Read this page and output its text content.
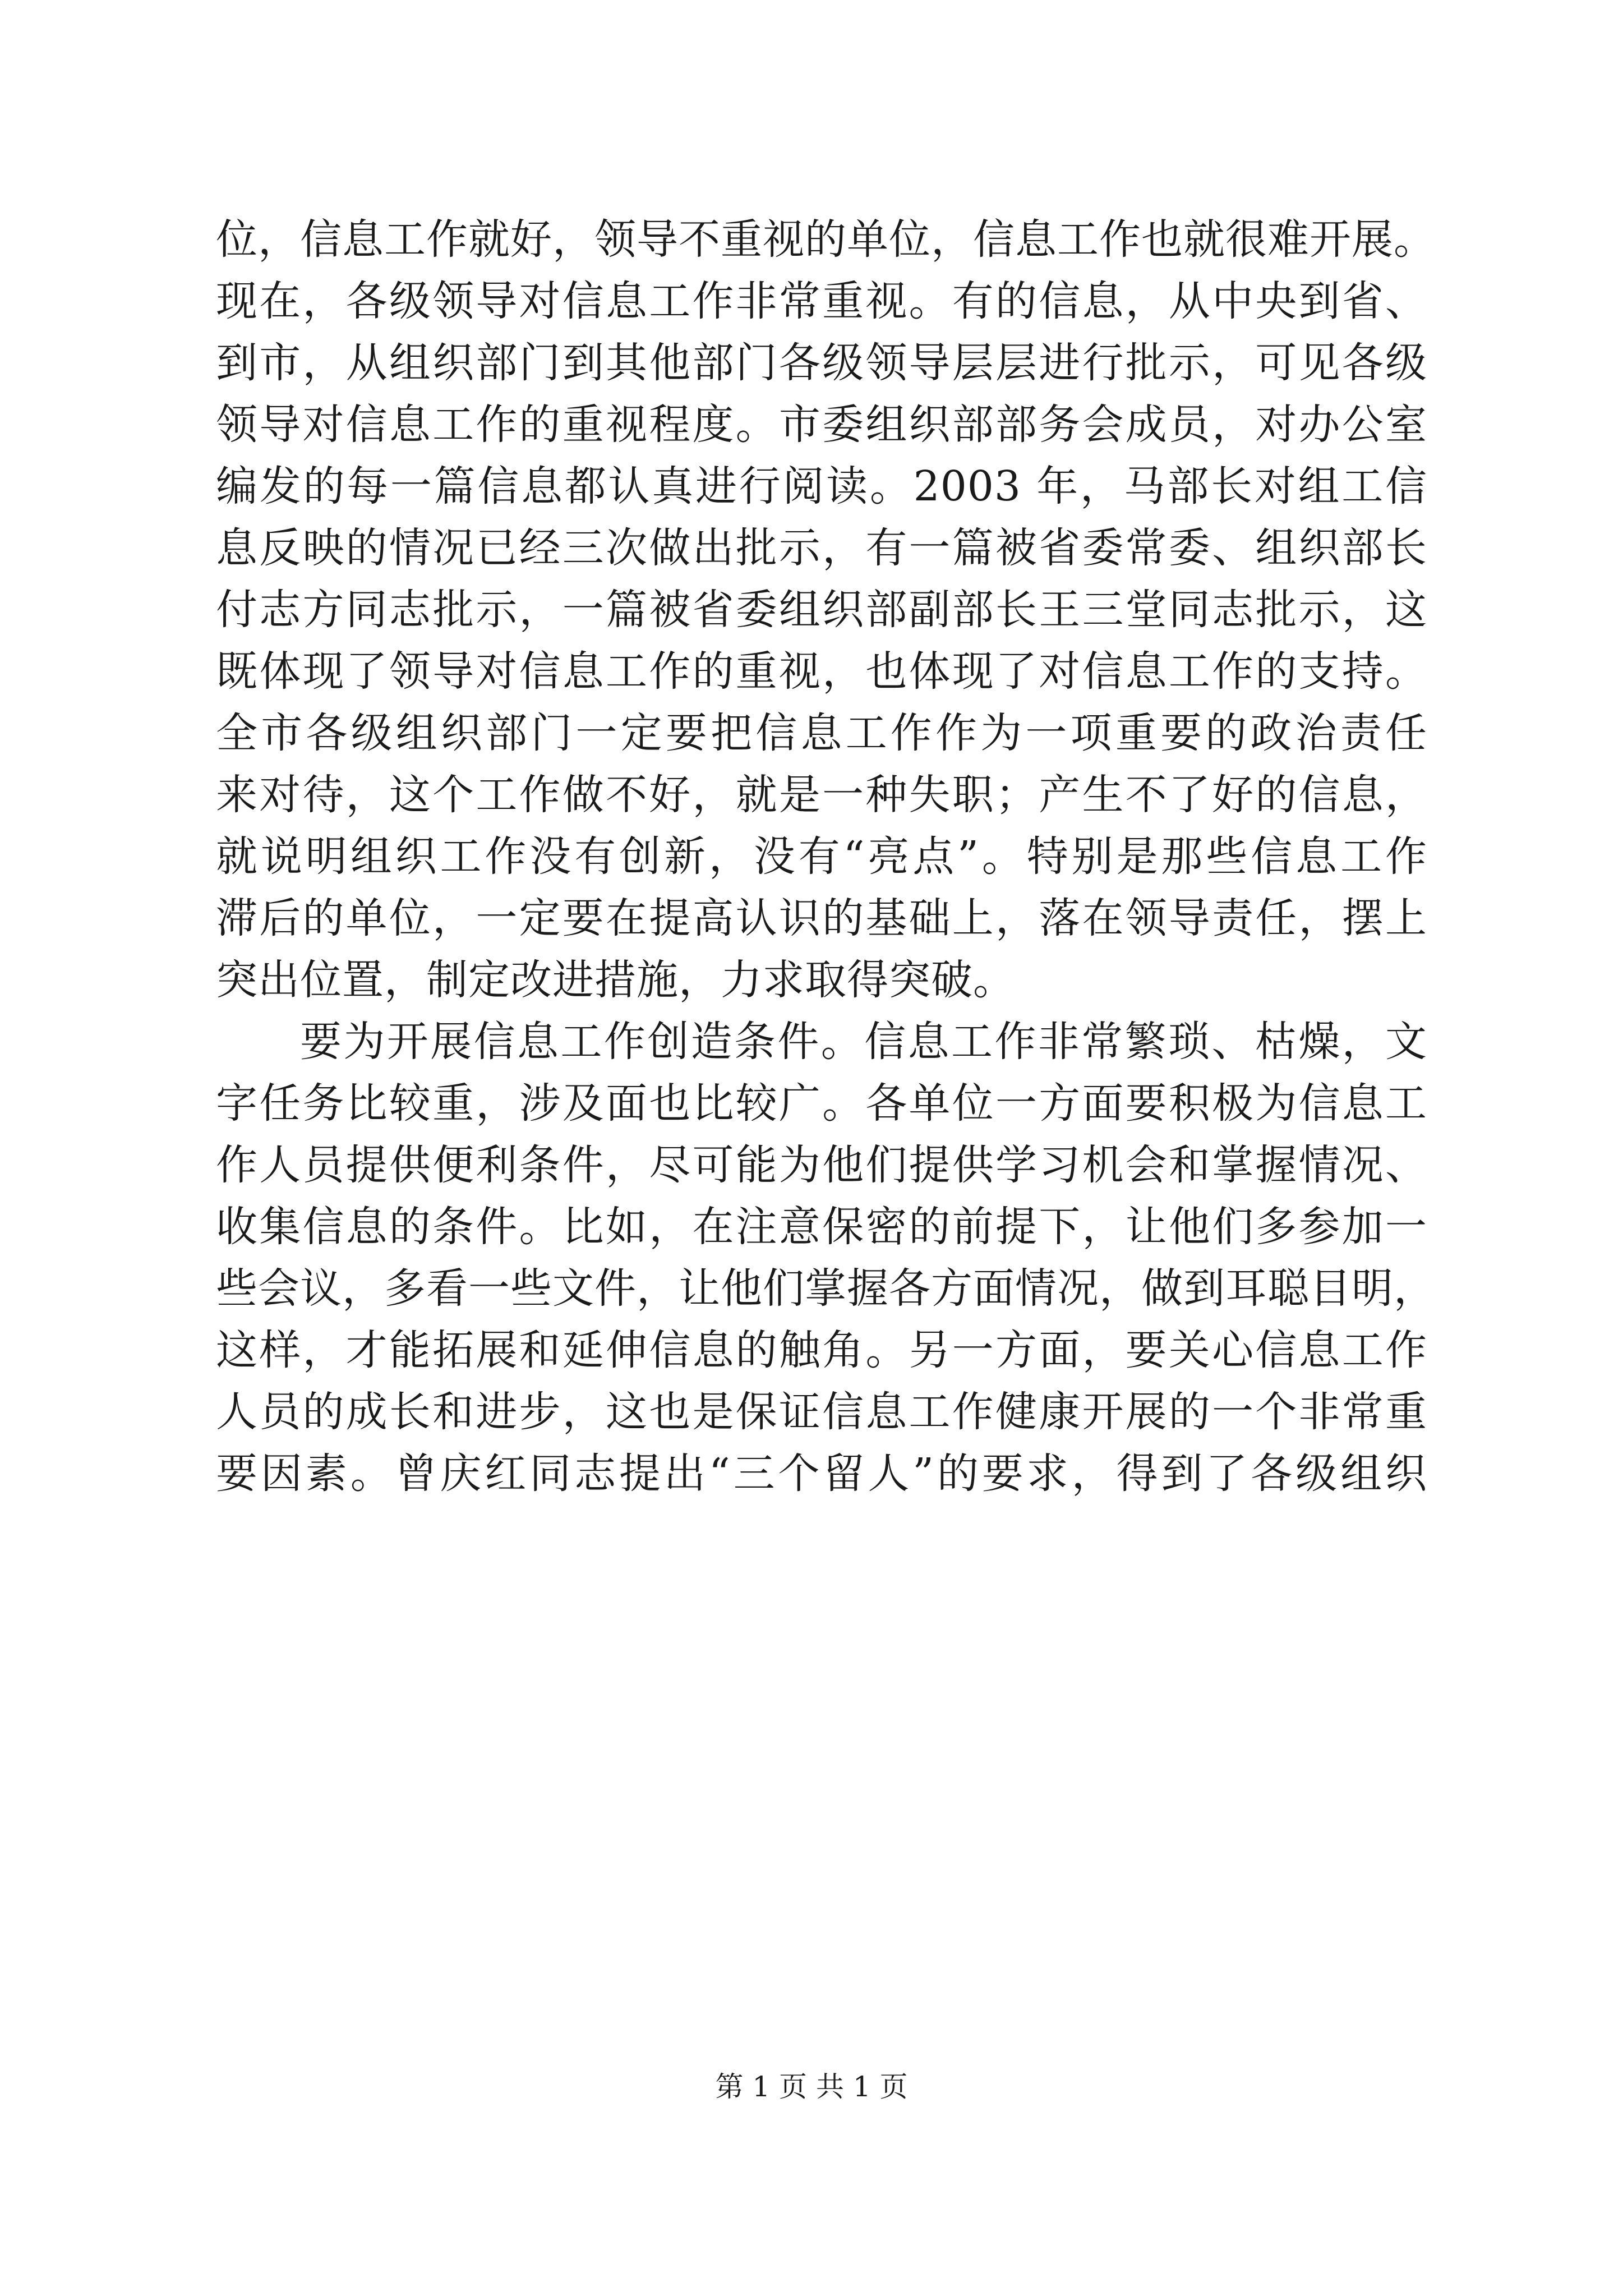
位，信息工作就好，领导不重视的单位，信息工作也就很难开展。
现在，各级领导对信息工作非常重视。有的信息，从中央到省、
到市，从组织部门到其他部门各级领导层层进行批示，可见各级
领导对信息工作的重视程度。市委组织部部务会成员，对办公室
编发的每一篇信息都认真进行阅读。2003 年，马部长对组工信
息反映的情况已经三次做出批示，有一篇被省委常委、组织部长
付志方同志批示，一篇被省委组织部副部长王三堂同志批示，这
既体现了领导对信息工作的重视，也体现了对信息工作的支持。
全市各级组织部门一定要把信息工作作为一项重要的政治责任
来对待，这个工作做不好，就是一种失职；产生不了好的信息，
就说明组织工作没有创新，没有“亮点”。特别是那些信息工作
滞后的单位，一定要在提高认识的基础上，落在领导责任，摆上
突出位置，制定改进措施，力求取得突破。
要为开展信息工作创造条件。信息工作非常繁琐、枯燥，文
字任务比较重，涉及面也比较广。各单位一方面要积极为信息工
作人员提供便利条件，尽可能为他们提供学习机会和掌握情况、
收集信息的条件。比如，在注意保密的前提下，让他们多参加一
些会议，多看一些文件，让他们掌握各方面情况，做到耳聪目明，
这样，才能拓展和延伸信息的触角。另一方面，要关心信息工作
人员的成长和进步，这也是保证信息工作健康开展的一个非常重
要因素。曾庆红同志提出“三个留人”的要求，得到了各级组织
第 1 页 共 1 页
